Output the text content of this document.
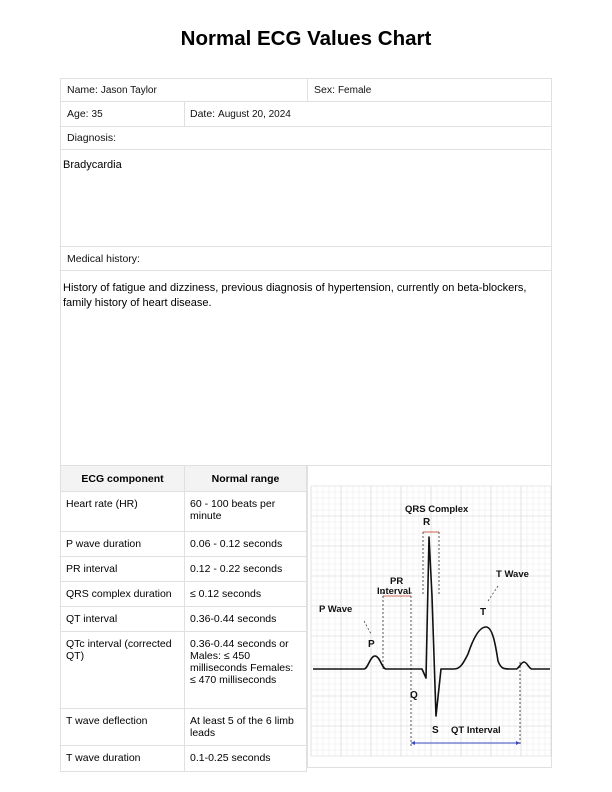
Normal ECG Values Chart
Name: Jason Taylor	Sex: Female
Age: 35	Date: August 20, 2024
Diagnosis:
Bradycardia
Medical history:
History of fatigue and dizziness, previous diagnosis of hypertension, currently on beta-blockers, family history of heart disease.
ECG component	Normal range
Heart rate (HR)	60 - 100 beats per minute
P wave duration	0.06 - 0.12 seconds
PR interval	0.12 - 0.22 seconds
QRS complex duration	≤ 0.12 seconds
QT interval	0.36-0.44 seconds
QTc interval (corrected QT)	0.36-0.44 seconds or Males: ≤ 450 milliseconds Females: ≤ 470 milliseconds
T wave deflection	At least 5 of the 6 limb leads
T wave duration	0.1-0.25 seconds
QRS Complex
R
PR
Interval
T Wave
T
P Wave
P
Q
S QT Interval
